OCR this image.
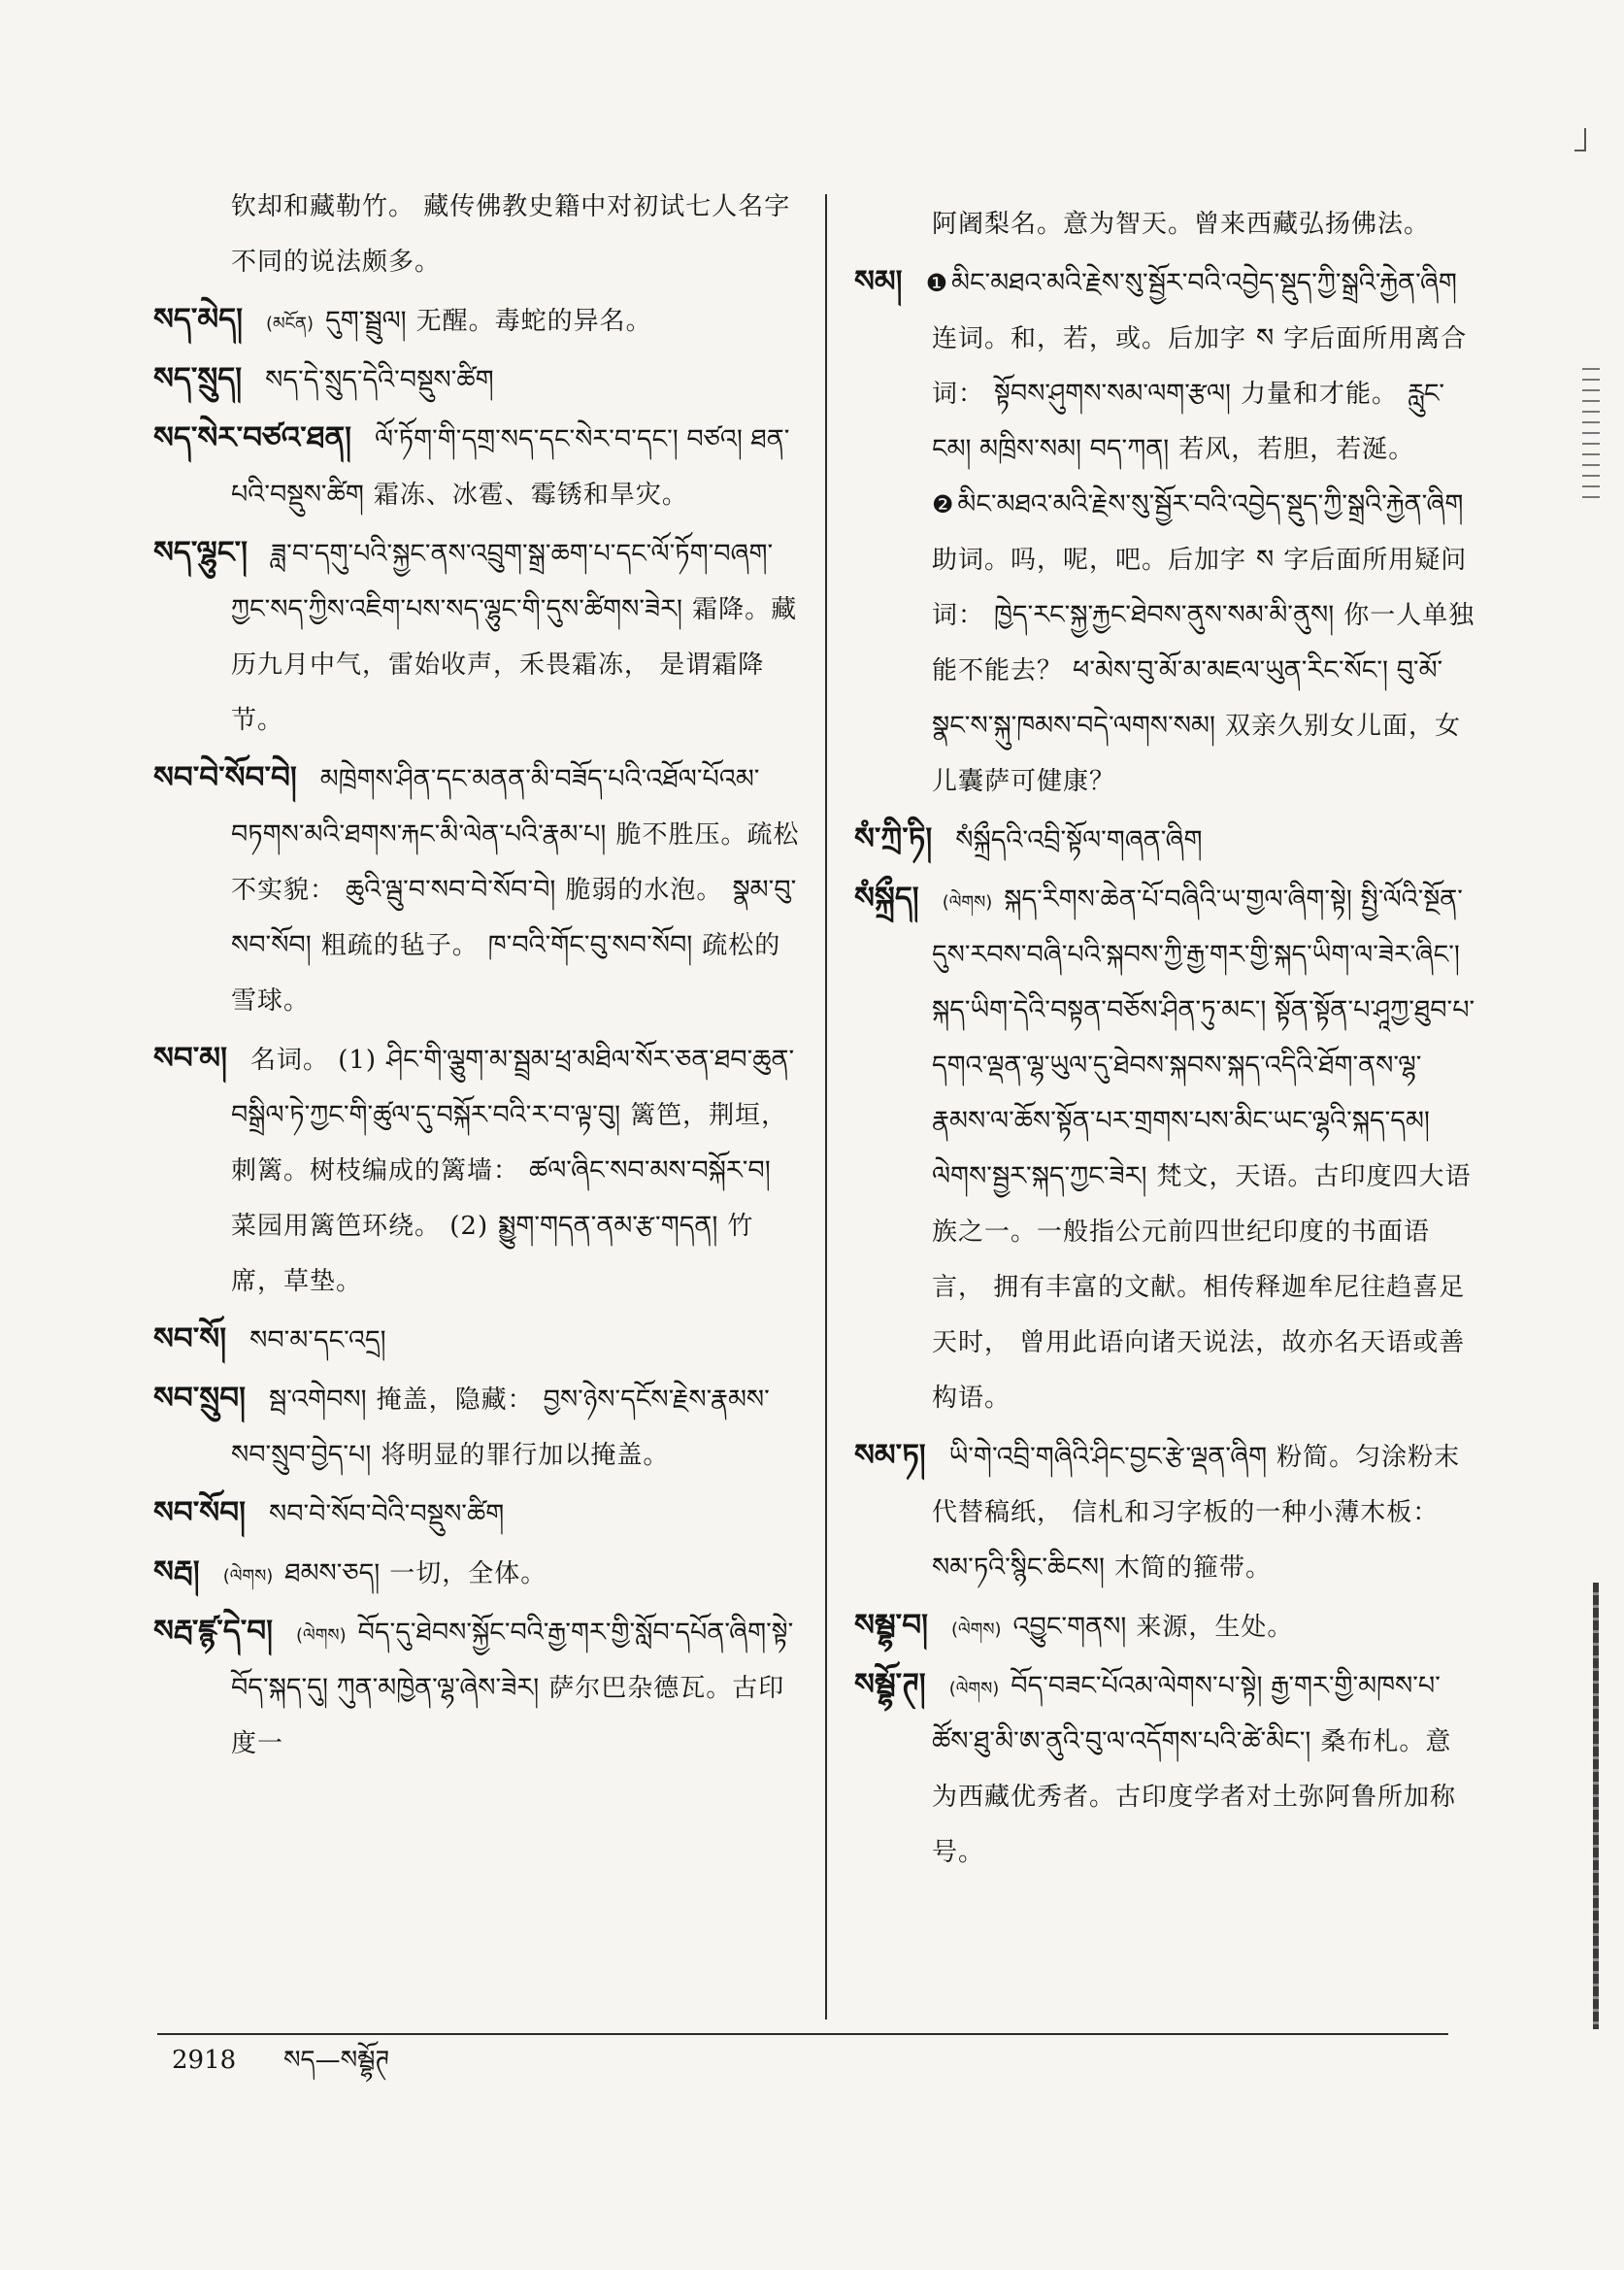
钦却和藏勒竹。 藏传佛教史籍中对初试七人名字不同的说法颇多。
སད་མེད། (མངོན) དུག་སྦྲུལ། 无醒。毒蛇的异名。
སད་སྲུད། སད་དེ་སྲུད་དེའི་བསྡུས་ཚིག
སད་སེར་བཙའ་ཐན། ལོ་ཏོག་གི་དགྲ་སད་དང་སེར་བ་དང་། བཙའ། ཐན་པའི་བསྡུས་ཚིག 霜冻、冰雹、霉锈和旱灾。
སད་ལྷུང་། ཟླ་བ་དགུ་པའི་སྐྱང་ནས་འབྲུག་སྒྲ་ཆག་པ་དང་ལོ་ཏོག་བཞག་ཀྱང་སད་ཀྱིས་འཇིག་པས་སད་ལྷུང་གི་དུས་ཚིགས་ཟེར། 霜降。藏历九月中气，雷始收声，禾畏霜冻， 是谓霜降节。
སབ་བེ་སོབ་བེ། མཁྲེགས་ཤིན་དང་མནན་མི་བཟོད་པའི་འཐོལ་པོའམ་བཏགས་མའི་ཐགས་རྐང་མི་ལེན་པའི་རྣམ་པ། 脆不胜压。疏松不实貌： ཆུའི་ལྦུ་བ་སབ་བེ་སོབ་བེ། 脆弱的水泡。 སྣམ་བུ་སབ་སོབ། 粗疏的毡子。 ཁ་བའི་གོང་བུ་སབ་སོབ། 疏松的雪球。
སབ་མ། 名词。 (1) ཤིང་གི་ལྕུག་མ་སྦྲམ་ཕྲ་མཐིལ་སོར་ཅན་ཐབ་ཆུན་བསྒྲིལ་ཏེ་ཀྱང་གི་ཚུལ་དུ་བསྐོར་བའི་ར་བ་ལྟ་བུ། 篱笆，荆垣，刺篱。树枝编成的篱墙： ཚལ་ཞིང་སབ་མས་བསྐོར་བ།菜园用篱笆环绕。 (2) སྨྱུག་གདན་ནམ་རྩ་གདན། 竹席，草垫。
སབ་སོ། སབ་མ་དང་འདྲ།
སབ་སྲུབ། སྦ་འགེབས། 掩盖，隐藏： བྱས་ཉེས་དངོས་རྗེས་རྣམས་སབ་སྲུབ་བྱེད་པ། 将明显的罪行加以掩盖。
སབ་སོབ། སབ་བེ་སོབ་བེའི་བསྡུས་ཚིག
སརྦ། (ལེགས) ཐམས་ཅད། 一切，全体。
སརྦ་ཛྙ་དེ་བ། (ལེགས) བོད་དུ་ཐེབས་སྐྱོང་བའི་རྒྱ་གར་གྱི་སློབ་དཔོན་ཞིག་སྟེ་བོད་སྐད་དུ། ཀུན་མཁྱེན་ལྷ་ཞེས་ཟེར། 萨尔巴杂德瓦。古印度一
阿阇梨名。意为智天。曾来西藏弘扬佛法。
སམ། ❶ མིང་མཐའ་མའི་རྗེས་སུ་སྦྱོར་བའི་འབྱེད་སྡུད་ཀྱི་སྒྲའི་རྐྱེན་ཞིག连词。和，若，或。后加字 ས 字后面所用离合词： སྟོབས་ཤུགས་སམ་ལག་རྩལ། 力量和才能。 རླུང་ངམ། མཁྲིས་སམ། བད་ཀན། 若风，若胆，若涎。❷ མིང་མཐའ་མའི་རྗེས་སུ་སྦྱོར་བའི་འབྱེད་སྡུད་ཀྱི་སྒྲའི་རྐྱེན་ཞིག助词。吗，呢，吧。后加字 ས 字后面所用疑问词： ཁྱེད་རང་སྐྱ་རྐྱང་ཐེབས་ནུས་སམ་མི་ནུས། 你一人单独能不能去？ ཕ་མེས་བུ་མོ་མ་མཇལ་ཡུན་རིང་སོང་། བུ་མོ་སྣང་ས་སྐུ་ཁམས་བདེ་ལགས་སམ། 双亲久别女儿面，女儿囊萨可健康？
སཾ་ཀྲི་ཏི། སཾསྐྲྀདའི་འབྲི་སྟོལ་གཞན་ཞིག
སཾསྐྲྀད། (ལེགས) སྐད་རིགས་ཆེན་པོ་བཞིའི་ཡ་གྱལ་ཞིག་སྟེ། སྤྱི་ལོའི་སྔོན་དུས་རབས་བཞི་པའི་སྐབས་ཀྱི་རྒྱ་གར་གྱི་སྐད་ཡིག་ལ་ཟེར་ཞིང་། སྐད་ཡིག་དེའི་བསྟན་བཅོས་ཤིན་ཏུ་མང་། སྟོན་སྟོན་པ་ཤཱཀྱ་ཐུབ་པ་དགའ་ལྡན་ལྷ་ཡུལ་དུ་ཐེབས་སྐབས་སྐད་འདིའི་ཐོག་ནས་ལྷ་རྣམས་ལ་ཆོས་སྟོན་པར་གྲགས་པས་མིང་ཡང་ལྷའི་སྐད་དམ། ལེགས་སྦྱར་སྐད་ཀྱང་ཟེར། 梵文，天语。古印度四大语族之一。一般指公元前四世纪印度的书面语言， 拥有丰富的文献。相传释迦牟尼往趋喜足天时， 曾用此语向诸天说法，故亦名天语或善构语。
སམ་ཏ། ཡི་གེ་འབྲི་གཞིའི་ཤིང་བྱང་རྩེ་ལྡན་ཞིག 粉简。匀涂粉末代替稿纸， 信札和习字板的一种小薄木板：སམ་ཏའི་སྙིང་ཆིངས། 木简的箍带。
སམྦྷ་བ། (ལེགས) འབྱུང་གནས། 来源，生处。
སམྦྷོ་ཊ། (ལེགས) བོད་བཟང་པོའམ་ལེགས་པ་སྟེ། རྒྱ་གར་གྱི་མཁས་པ་ཚོས་ཐུ་མི་ཨ་ནུའི་བུ་ལ་འདོགས་པའི་ཚེ་མིང་། 桑布札。意为西藏优秀者。古印度学者对土弥阿鲁所加称号。
2918 སད—སམྦྷོཊ
